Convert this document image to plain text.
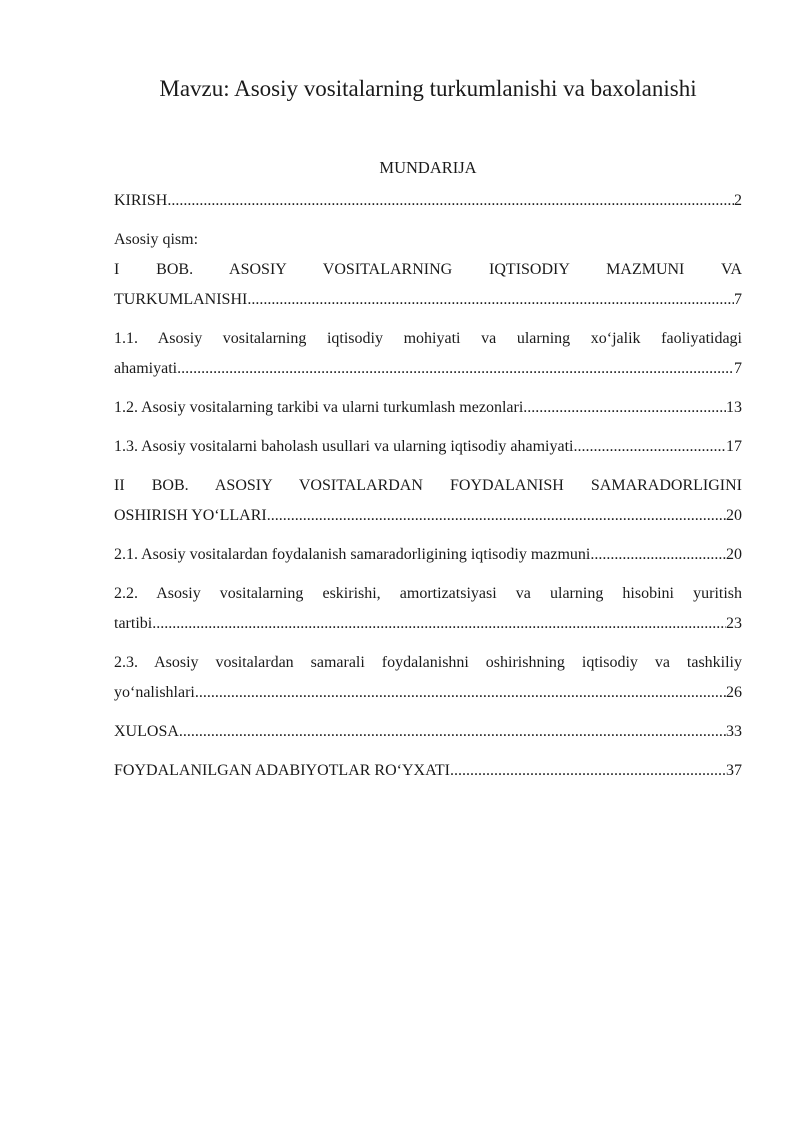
Mavzu: Asosiy vositalarning turkumlanishi va baxolanishi
MUNDARIJA
KIRISH .....	2
Asosiy qism:
I BOB. ASOSIY VOSITALARNING IQTISODIY MAZMUNI VA
TURKUMLANISHI .....	7
1.1. Asosiy vositalarning iqtisodiy mohiyati va ularning xo‘jalik faoliyatidagi
ahamiyati .....	7
1.2. Asosiy vositalarning tarkibi va ularni turkumlash mezonlari .....	13
1.3. Asosiy vositalarni baholash usullari va ularning iqtisodiy ahamiyati .....	17
II BOB. ASOSIY VOSITALARDAN FOYDALANISH SAMARADORLIGINI
OSHIRISH YO‘LLARI .....	20
2.1. Asosiy vositalardan foydalanish samaradorligining iqtisodiy mazmuni .....	20
2.2. Asosiy vositalarning eskirishi, amortizatsiyasi va ularning hisobini yuritish
tartibi .....	23
2.3. Asosiy vositalardan samarali foydalanishni oshirishning iqtisodiy va tashkiliy
yo‘nalishlari .....	26
XULOSA .....	33
FOYDALANILGAN ADABIYOTLAR RO‘YXATI .....	37
